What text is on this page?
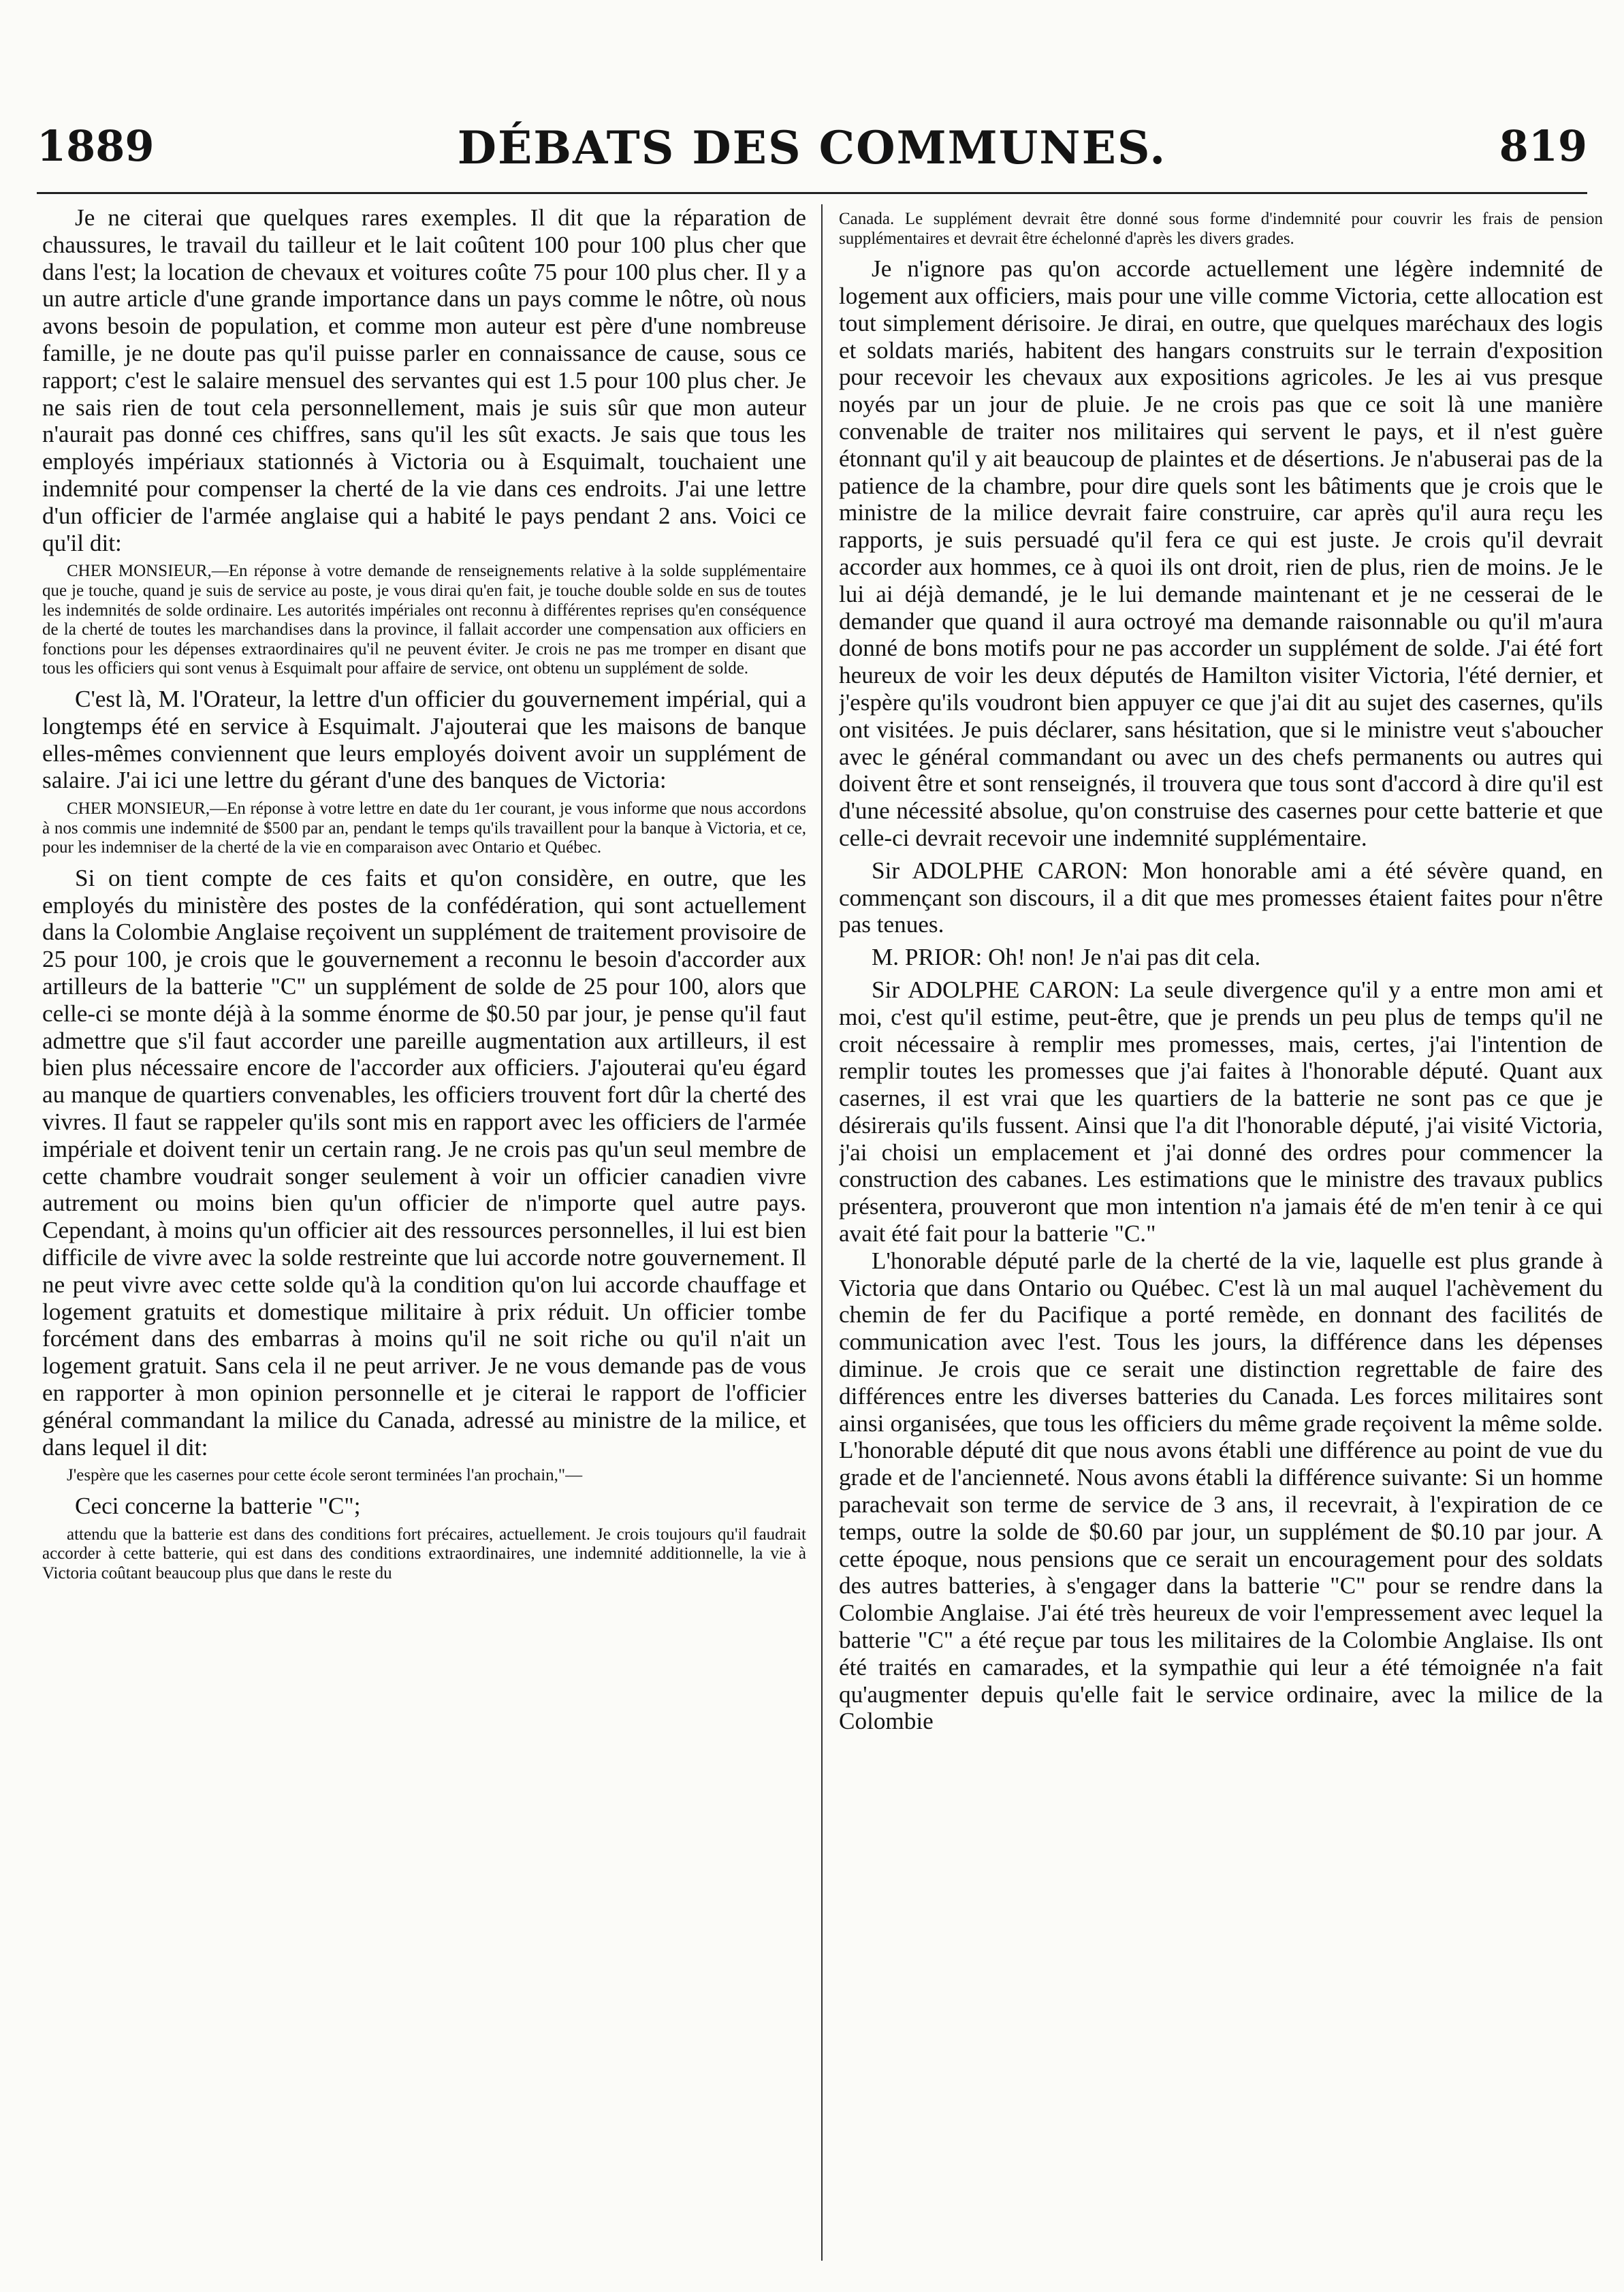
1889	DÉBATS DES COMMUNES.	819

Je ne citerai que quelques rares exemples. Il dit que la réparation de chaussures, le travail du tailleur et le lait coûtent 100 pour 100 plus cher que dans l'est; la location de chevaux et voitures coûte 75 pour 100 plus cher. Il y a un autre article d'une grande importance dans un pays comme le nôtre, où nous avons besoin de population, et comme mon auteur est père d'une nombreuse famille, je ne doute pas qu'il puisse parler en connaissance de cause, sous ce rapport; c'est le salaire mensuel des servantes qui est 1.5 pour 100 plus cher. Je ne sais rien de tout cela personnellement, mais je suis sûr que mon auteur n'aurait pas donné ces chiffres, sans qu'il les sût exacts. Je sais que tous les employés impériaux stationnés à Victoria ou à Esquimalt, touchaient une indemnité pour compenser la cherté de la vie dans ces endroits. J'ai une lettre d'un officier de l'armée anglaise qui a habité le pays pendant 2 ans. Voici ce qu'il dit:

CHER MONSIEUR,—En réponse à votre demande de renseignements relative à la solde supplémentaire que je touche, quand je suis de service au poste, je vous dirai qu'en fait, je touche double solde en sus de toutes les indemnités de solde ordinaire. Les autorités impériales ont reconnu à différentes reprises qu'en conséquence de la cherté de toutes les marchandises dans la province, il fallait accorder une compensation aux officiers en fonctions pour les dépenses extraordinaires qu'il ne peuvent éviter. Je crois ne pas me tromper en disant que tous les officiers qui sont venus à Esquimalt pour affaire de service, ont obtenu un supplément de solde.

C'est là, M. l'Orateur, la lettre d'un officier du gouvernement impérial, qui a longtemps été en service à Esquimalt. J'ajouterai que les maisons de banque elles-mêmes conviennent que leurs employés doivent avoir un supplément de salaire. J'ai ici une lettre du gérant d'une des banques de Victoria:

CHER MONSIEUR,—En réponse à votre lettre en date du 1er courant, je vous informe que nous accordons à nos commis une indemnité de $500 par an, pendant le temps qu'ils travaillent pour la banque à Victoria, et ce, pour les indemniser de la cherté de la vie en comparaison avec Ontario et Québec.

Si on tient compte de ces faits et qu'on considère, en outre, que les employés du ministère des postes de la confédération, qui sont actuellement dans la Colombie Anglaise reçoivent un supplément de traitement provisoire de 25 pour 100, je crois que le gouvernement a reconnu le besoin d'accorder aux artilleurs de la batterie "C" un supplément de solde de 25 pour 100, alors que celle-ci se monte déjà à la somme énorme de $0.50 par jour, je pense qu'il faut admettre que s'il faut accorder une pareille augmentation aux artilleurs, il est bien plus nécessaire encore de l'accorder aux officiers. J'ajouterai qu'eu égard au manque de quartiers convenables, les officiers trouvent fort dûr la cherté des vivres. Il faut se rappeler qu'ils sont mis en rapport avec les officiers de l'armée impériale et doivent tenir un certain rang. Je ne crois pas qu'un seul membre de cette chambre voudrait songer seulement à voir un officier canadien vivre autrement ou moins bien qu'un officier de n'importe quel autre pays. Cependant, à moins qu'un officier ait des ressources personnelles, il lui est bien difficile de vivre avec la solde restreinte que lui accorde notre gouvernement. Il ne peut vivre avec cette solde qu'à la condition qu'on lui accorde chauffage et logement gratuits et domestique militaire à prix réduit. Un officier tombe forcément dans des embarras à moins qu'il ne soit riche ou qu'il n'ait un logement gratuit. Sans cela il ne peut arriver. Je ne vous demande pas de vous en rapporter à mon opinion personnelle et je citerai le rapport de l'officier général commandant la milice du Canada, adressé au ministre de la milice, et dans lequel il dit:

J'espère que les casernes pour cette école seront terminées l'an prochain,"—

Ceci concerne la batterie "C";

attendu que la batterie est dans des conditions fort précaires, actuellement. Je crois toujours qu'il faudrait accorder à cette batterie, qui est dans des conditions extraordinaires, une indemnité additionnelle, la vie à Victoria coûtant beaucoup plus que dans le reste du

Canada. Le supplément devrait être donné sous forme d'indemnité pour couvrir les frais de pension supplémentaires et devrait être échelonné d'après les divers grades.

Je n'ignore pas qu'on accorde actuellement une légère indemnité de logement aux officiers, mais pour une ville comme Victoria, cette allocation est tout simplement dérisoire. Je dirai, en outre, que quelques maréchaux des logis et soldats mariés, habitent des hangars construits sur le terrain d'exposition pour recevoir les chevaux aux expositions agricoles. Je les ai vus presque noyés par un jour de pluie. Je ne crois pas que ce soit là une manière convenable de traiter nos militaires qui servent le pays, et il n'est guère étonnant qu'il y ait beaucoup de plaintes et de désertions. Je n'abuserai pas de la patience de la chambre, pour dire quels sont les bâtiments que je crois que le ministre de la milice devrait faire construire, car après qu'il aura reçu les rapports, je suis persuadé qu'il fera ce qui est juste. Je crois qu'il devrait accorder aux hommes, ce à quoi ils ont droit, rien de plus, rien de moins. Je le lui ai déjà demandé, je le lui demande maintenant et je ne cesserai de le demander que quand il aura octroyé ma demande raisonnable ou qu'il m'aura donné de bons motifs pour ne pas accorder un supplément de solde. J'ai été fort heureux de voir les deux députés de Hamilton visiter Victoria, l'été dernier, et j'espère qu'ils voudront bien appuyer ce que j'ai dit au sujet des casernes, qu'ils ont visitées. Je puis déclarer, sans hésitation, que si le ministre veut s'aboucher avec le général commandant ou avec un des chefs permanents ou autres qui doivent être et sont renseignés, il trouvera que tous sont d'accord à dire qu'il est d'une nécessité absolue, qu'on construise des casernes pour cette batterie et que celle-ci devrait recevoir une indemnité supplémentaire.

Sir ADOLPHE CARON: Mon honorable ami a été sévère quand, en commençant son discours, il a dit que mes promesses étaient faites pour n'être pas tenues.

M. PRIOR: Oh! non! Je n'ai pas dit cela.

Sir ADOLPHE CARON: La seule divergence qu'il y a entre mon ami et moi, c'est qu'il estime, peut-être, que je prends un peu plus de temps qu'il ne croit nécessaire à remplir mes promesses, mais, certes, j'ai l'intention de remplir toutes les promesses que j'ai faites à l'honorable député. Quant aux casernes, il est vrai que les quartiers de la batterie ne sont pas ce que je désirerais qu'ils fussent. Ainsi que l'a dit l'honorable député, j'ai visité Victoria, j'ai choisi un emplacement et j'ai donné des ordres pour commencer la construction des cabanes. Les estimations que le ministre des travaux publics présentera, prouveront que mon intention n'a jamais été de m'en tenir à ce qui avait été fait pour la batterie "C."

L'honorable député parle de la cherté de la vie, laquelle est plus grande à Victoria que dans Ontario ou Québec. C'est là un mal auquel l'achèvement du chemin de fer du Pacifique a porté remède, en donnant des facilités de communication avec l'est. Tous les jours, la différence dans les dépenses diminue. Je crois que ce serait une distinction regrettable de faire des différences entre les diverses batteries du Canada. Les forces militaires sont ainsi organisées, que tous les officiers du même grade reçoivent la même solde. L'honorable député dit que nous avons établi une différence au point de vue du grade et de l'ancienneté. Nous avons établi la différence suivante: Si un homme parachevait son terme de service de 3 ans, il recevrait, à l'expiration de ce temps, outre la solde de $0.60 par jour, un supplément de $0.10 par jour. A cette époque, nous pensions que ce serait un encouragement pour des soldats des autres batteries, à s'engager dans la batterie "C" pour se rendre dans la Colombie Anglaise. J'ai été très heureux de voir l'empressement avec lequel la batterie "C" a été reçue par tous les militaires de la Colombie Anglaise. Ils ont été traités en camarades, et la sympathie qui leur a été témoignée n'a fait qu'augmenter depuis qu'elle fait le service ordinaire, avec la milice de la Colombie
